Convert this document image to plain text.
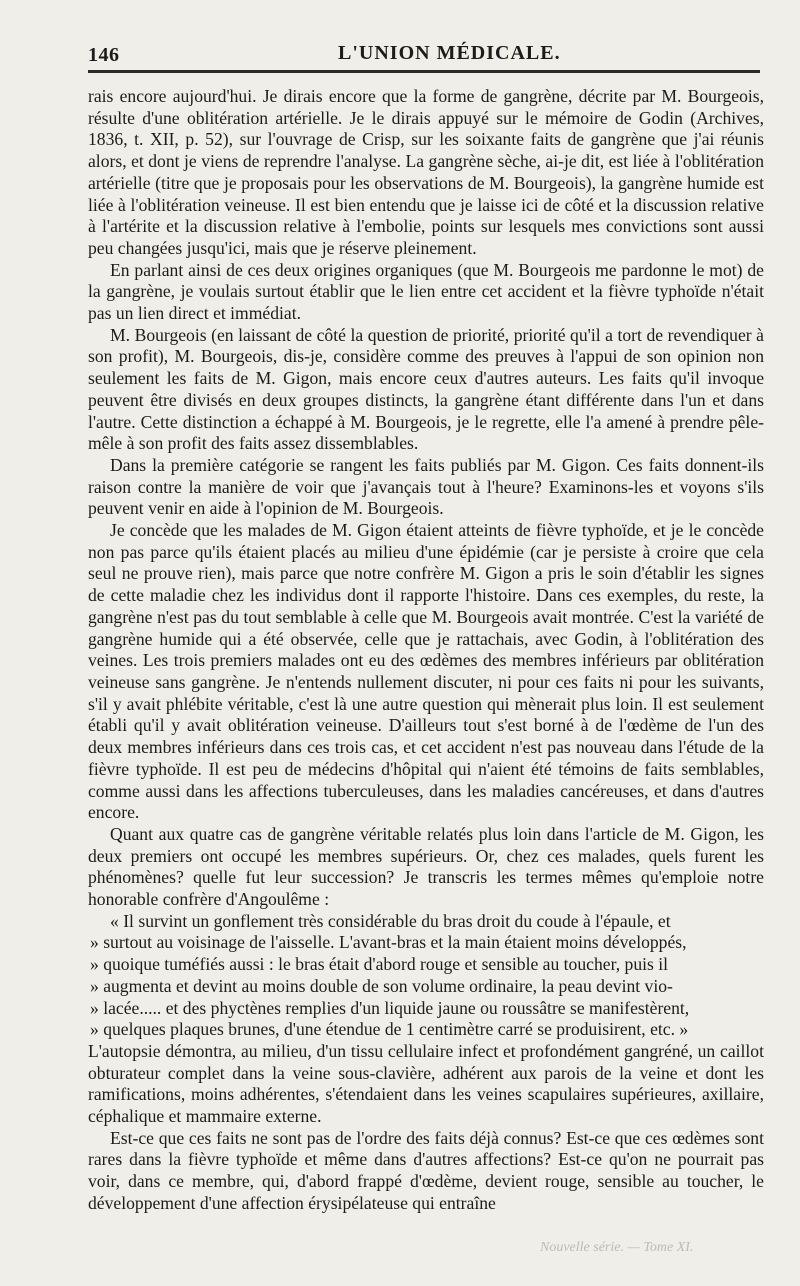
146	L'UNION MÉDICALE.

rais encore aujourd'hui. Je dirais encore que la forme de gangrène, décrite par M. Bourgeois, résulte d'une oblitération artérielle. Je le dirais appuyé sur le mémoire de Godin (Archives, 1836, t. XII, p. 52), sur l'ouvrage de Crisp, sur les soixante faits de gangrène que j'ai réunis alors, et dont je viens de reprendre l'analyse. La gangrène sèche, ai-je dit, est liée à l'oblitération artérielle (titre que je proposais pour les observations de M. Bourgeois), la gangrène humide est liée à l'oblitération veineuse. Il est bien entendu que je laisse ici de côté et la discussion relative à l'artérite et la discussion relative à l'embolie, points sur lesquels mes convictions sont aussi peu changées jusqu'ici, mais que je réserve pleinement.

En parlant ainsi de ces deux origines organiques (que M. Bourgeois me pardonne le mot) de la gangrène, je voulais surtout établir que le lien entre cet accident et la fièvre typhoïde n'était pas un lien direct et immédiat.

M. Bourgeois (en laissant de côté la question de priorité, priorité qu'il a tort de revendiquer à son profit), M. Bourgeois, dis-je, considère comme des preuves à l'appui de son opinion non seulement les faits de M. Gigon, mais encore ceux d'autres auteurs. Les faits qu'il invoque peuvent être divisés en deux groupes distincts, la gangrène étant différente dans l'un et dans l'autre. Cette distinction a échappé à M. Bourgeois, je le regrette, elle l'a amené à prendre pêle-mêle à son profit des faits assez dissemblables.

Dans la première catégorie se rangent les faits publiés par M. Gigon. Ces faits donnent-ils raison contre la manière de voir que j'avançais tout à l'heure? Examinons-les et voyons s'ils peuvent venir en aide à l'opinion de M. Bourgeois.

Je concède que les malades de M. Gigon étaient atteints de fièvre typhoïde, et je le concède non pas parce qu'ils étaient placés au milieu d'une épidémie (car je persiste à croire que cela seul ne prouve rien), mais parce que notre confrère M. Gigon a pris le soin d'établir les signes de cette maladie chez les individus dont il rapporte l'histoire. Dans ces exemples, du reste, la gangrène n'est pas du tout semblable à celle que M. Bourgeois avait montrée. C'est la variété de gangrène humide qui a été observée, celle que je rattachais, avec Godin, à l'oblitération des veines. Les trois premiers malades ont eu des œdèmes des membres inférieurs par oblitération veineuse sans gangrène. Je n'entends nullement discuter, ni pour ces faits ni pour les suivants, s'il y avait phlébite véritable, c'est là une autre question qui mènerait plus loin. Il est seulement établi qu'il y avait oblitération veineuse. D'ailleurs tout s'est borné à de l'œdème de l'un des deux membres inférieurs dans ces trois cas, et cet accident n'est pas nouveau dans l'étude de la fièvre typhoïde. Il est peu de médecins d'hôpital qui n'aient été témoins de faits semblables, comme aussi dans les affections tuberculeuses, dans les maladies cancéreuses, et dans d'autres encore.

Quant aux quatre cas de gangrène véritable relatés plus loin dans l'article de M. Gigon, les deux premiers ont occupé les membres supérieurs. Or, chez ces malades, quels furent les phénomènes? quelle fut leur succession? Je transcris les termes mêmes qu'emploie notre honorable confrère d'Angoulême :

« Il survint un gonflement très considérable du bras droit du coude à l'épaule, et
» surtout au voisinage de l'aisselle. L'avant-bras et la main étaient moins développés,
» quoique tuméfiés aussi : le bras était d'abord rouge et sensible au toucher, puis il
» augmenta et devint au moins double de son volume ordinaire, la peau devint vio-
» lacée..... et des phyctènes remplies d'un liquide jaune ou roussâtre se manifestèrent,
» quelques plaques brunes, d'une étendue de 1 centimètre carré se produisirent, etc. »

L'autopsie démontra, au milieu, d'un tissu cellulaire infect et profondément gangréné, un caillot obturateur complet dans la veine sous-clavière, adhérent aux parois de la veine et dont les ramifications, moins adhérentes, s'étendaient dans les veines scapulaires supérieures, axillaire, céphalique et mammaire externe.

Est-ce que ces faits ne sont pas de l'ordre des faits déjà connus? Est-ce que ces œdèmes sont rares dans la fièvre typhoïde et même dans d'autres affections? Est-ce qu'on ne pourrait pas voir, dans ce membre, qui, d'abord frappé d'œdème, devient rouge, sensible au toucher, le développement d'une affection érysipélateuse qui entraîne

Nouvelle série. — Tome XI.
